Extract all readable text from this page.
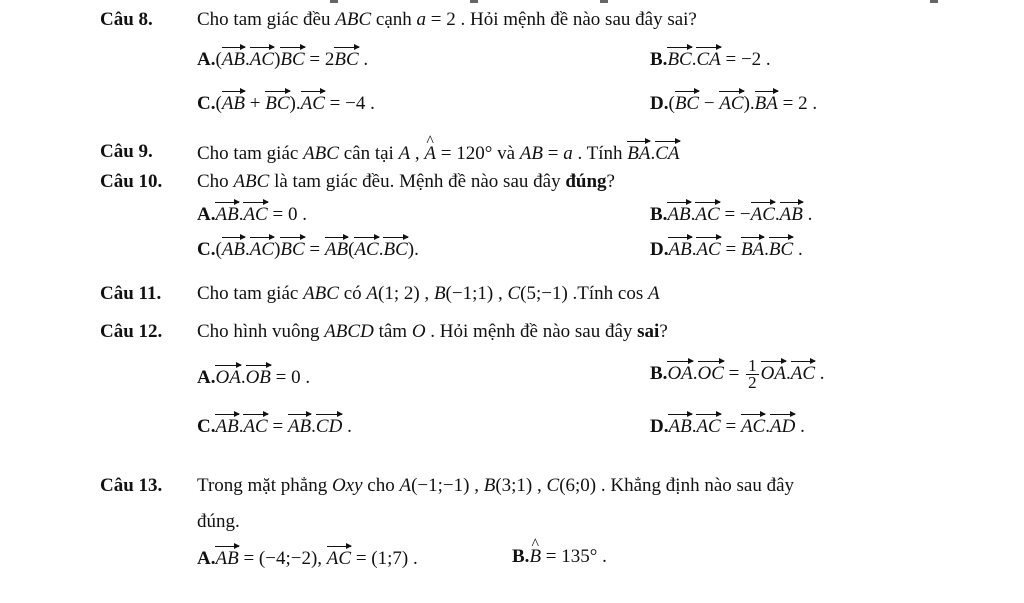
Câu 8. Cho tam giác đều ABC cạnh a = 2 . Hỏi mệnh đề nào sau đây sai?
A.(AB.AC)BC = 2BC .	B.BC.CA = −2 .
C.(AB + BC).AC = −4 .	D.(BC − AC).BA = 2 .
Câu 9. Cho tam giác ABC cân tại A , ^ A = 120° và AB = a . Tính BA.CA
Câu 10. Cho ABC là tam giác đều. Mệnh đề nào sau đây đúng?
A.AB.AC = 0 .	B.AB.AC = −AC.AB .
C.(AB.AC)BC = AB(AC.BC).	D.AB.AC = BA.BC .
Câu 11. Cho tam giác ABC có A(1; 2) , B(−1;1) , C(5;−1) .Tính cos A
Câu 12. Cho hình vuông ABCD tâm O . Hỏi mệnh đề nào sau đây sai?
A.OA.OB = 0 .	$B.OA.OC = \frac{1}{2} OA.AC$ .
C.AB.AC = AB.CD .	D.AB.AC = AC.AD .
Câu 13. Trong mặt phẳng Oxy cho A(−1;−1) , B(3;1) , C(6;0) . Khẳng định nào sau đây
đúng.
A.AB = (−4;−2), AC = (1;7) .	B.^ B = 135° .
